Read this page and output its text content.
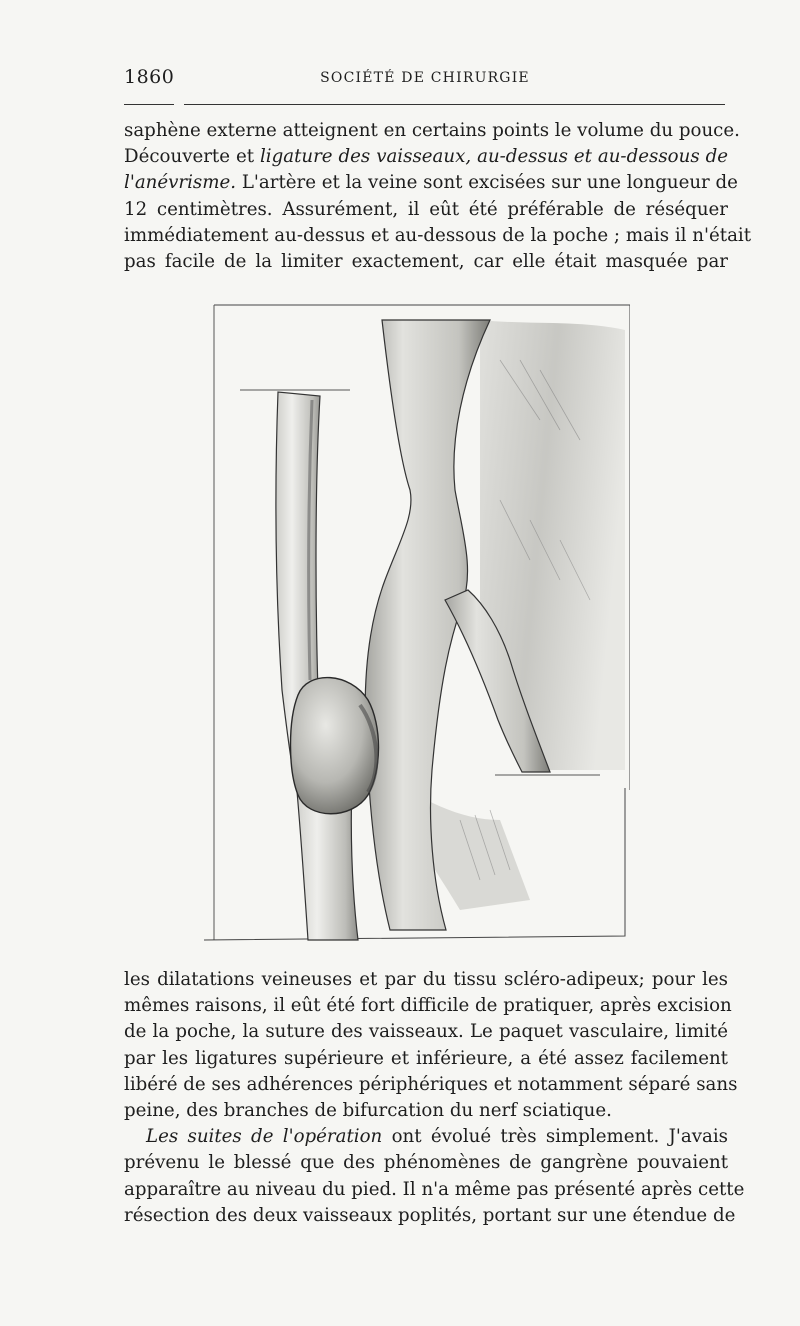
1860	SOCIÉTÉ DE CHIRURGIE
saphène externe atteignent en certains points le volume du pouce.
Découverte et ligature des vaisseaux, au-dessus et au-dessous de
l'anévrisme. L'artère et la veine sont excisées sur une longueur de
12 centimètres. Assurément, il eût été préférable de réséquer
immédiatement au-dessus et au-dessous de la poche ; mais il n'était
pas facile de la limiter exactement, car elle était masquée par
les dilatations veineuses et par du tissu scléro-adipeux; pour les
mêmes raisons, il eût été fort difficile de pratiquer, après excision
de la poche, la suture des vaisseaux. Le paquet vasculaire, limité
par les ligatures supérieure et inférieure, a été assez facilement
libéré de ses adhérences périphériques et notamment séparé sans
peine, des branches de bifurcation du nerf sciatique.
Les suites de l'opération ont évolué très simplement. J'avais
prévenu le blessé que des phénomènes de gangrène pouvaient
apparaître au niveau du pied. Il n'a même pas présenté après cette
résection des deux vaisseaux poplités, portant sur une étendue de
